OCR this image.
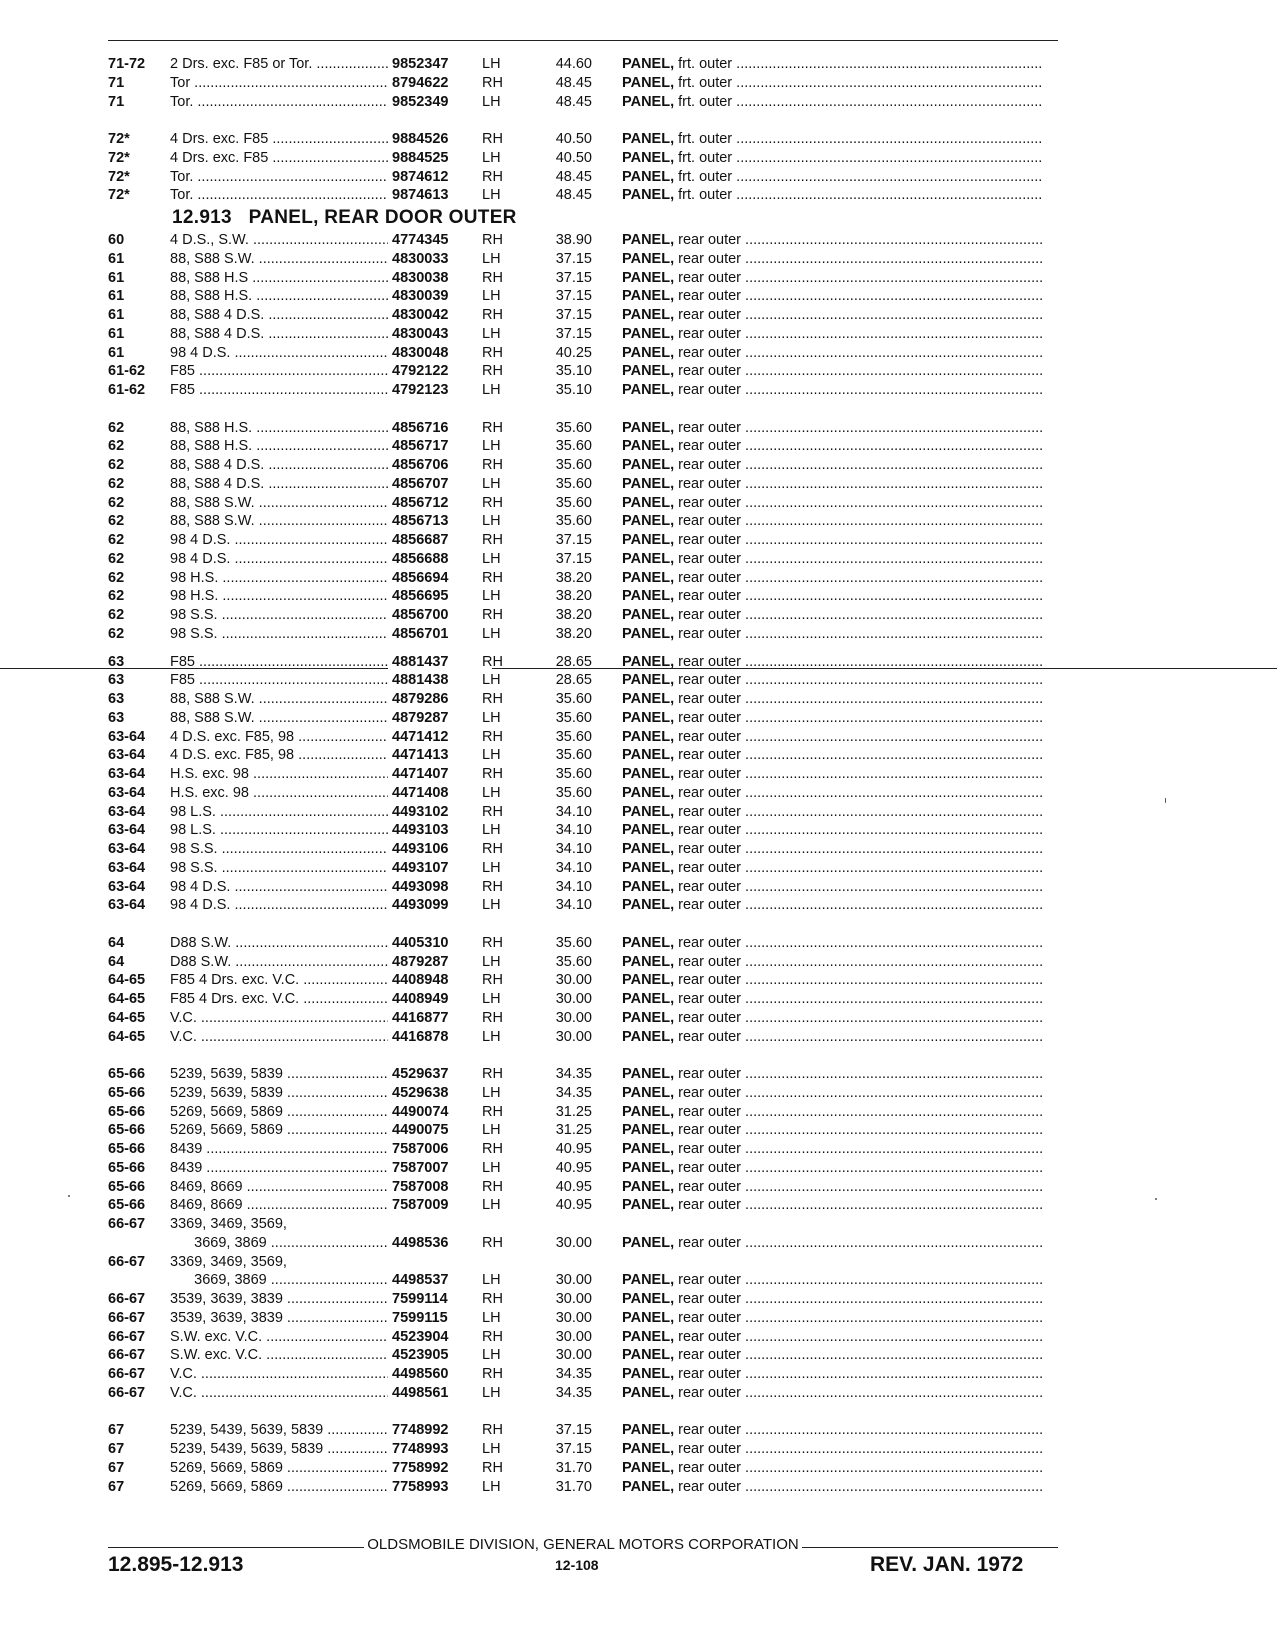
71-72	2 Drs. exc. F85 or Tor. .....	9852347	LH	44.60 PANEL, frt. outer .....
71	Tor .....	8794622	RH	48.45 PANEL, frt. outer .....
71	Tor. .....	9852349	LH	48.45 PANEL, frt. outer .....
72*	4 Drs. exc. F85 .....	9884526	RH	40.50 PANEL, frt. outer .....
72*	4 Drs. exc. F85 .....	9884525	LH	40.50 PANEL, frt. outer .....
72*	Tor. .....	9874612	RH	48.45 PANEL, frt. outer .....
72*	Tor. .....	9874613	LH	48.45 PANEL, frt. outer .....
12.913   PANEL, REAR DOOR OUTER
60	4 D.S., S.W. .....	4774345	RH	38.90 PANEL, rear outer .....
61	88, S88 S.W. .....	4830033	LH	37.15 PANEL, rear outer .....
61	88, S88 H.S .....	4830038	RH	37.15 PANEL, rear outer .....
61	88, S88 H.S. .....	4830039	LH	37.15 PANEL, rear outer .....
61	88, S88 4 D.S. .....	4830042	RH	37.15 PANEL, rear outer .....
61	88, S88 4 D.S. .....	4830043	LH	37.15 PANEL, rear outer .....
61	98 4 D.S. .....	4830048	RH	40.25 PANEL, rear outer .....
61-62	F85 .....	4792122	RH	35.10 PANEL, rear outer .....
61-62	F85 .....	4792123	LH	35.10 PANEL, rear outer .....
62	88, S88 H.S. .....	4856716	RH	35.60 PANEL, rear outer .....
62	88, S88 H.S. .....	4856717	LH	35.60 PANEL, rear outer .....
62	88, S88 4 D.S. .....	4856706	RH	35.60 PANEL, rear outer .....
62	88, S88 4 D.S. .....	4856707	LH	35.60 PANEL, rear outer .....
62	88, S88 S.W. .....	4856712	RH	35.60 PANEL, rear outer .....
62	88, S88 S.W. .....	4856713	LH	35.60 PANEL, rear outer .....
62	98 4 D.S. .....	4856687	RH	37.15 PANEL, rear outer .....
62	98 4 D.S. .....	4856688	LH	37.15 PANEL, rear outer .....
62	98 H.S. .....	4856694	RH	38.20 PANEL, rear outer .....
62	98 H.S. .....	4856695	LH	38.20 PANEL, rear outer .....
62	98 S.S. .....	4856700	RH	38.20 PANEL, rear outer .....
62	98 S.S. .....	4856701	LH	38.20 PANEL, rear outer .....
63	F85 .....	4881437	RH	28.65 PANEL, rear outer .....
63	F85 .....	4881438	LH	28.65 PANEL, rear outer .....
63	88, S88 S.W. .....	4879286	RH	35.60 PANEL, rear outer .....
63	88, S88 S.W. .....	4879287	LH	35.60 PANEL, rear outer .....
63-64	4 D.S. exc. F85, 98 .....	4471412	RH	35.60 PANEL, rear outer .....
63-64	4 D.S. exc. F85, 98 .....	4471413	LH	35.60 PANEL, rear outer .....
63-64	H.S. exc. 98 .....	4471407	RH	35.60 PANEL, rear outer .....
63-64	H.S. exc. 98 .....	4471408	LH	35.60 PANEL, rear outer .....
63-64	98 L.S. .....	4493102	RH	34.10 PANEL, rear outer .....
63-64	98 L.S. .....	4493103	LH	34.10 PANEL, rear outer .....
63-64	98 S.S. .....	4493106	RH	34.10 PANEL, rear outer .....
63-64	98 S.S. .....	4493107	LH	34.10 PANEL, rear outer .....
63-64	98 4 D.S. .....	4493098	RH	34.10 PANEL, rear outer .....
63-64	98 4 D.S. .....	4493099	LH	34.10 PANEL, rear outer .....
64	D88 S.W. .....	4405310	RH	35.60 PANEL, rear outer .....
64	D88 S.W. .....	4879287	LH	35.60 PANEL, rear outer .....
64-65	F85 4 Drs. exc. V.C. .....	4408948	RH	30.00 PANEL, rear outer .....
64-65	F85 4 Drs. exc. V.C. .....	4408949	LH	30.00 PANEL, rear outer .....
64-65	V.C. .....	4416877	RH	30.00 PANEL, rear outer .....
64-65	V.C. .....	4416878	LH	30.00 PANEL, rear outer .....
65-66	5239, 5639, 5839 .....	4529637	RH	34.35 PANEL, rear outer .....
65-66	5239, 5639, 5839 .....	4529638	LH	34.35 PANEL, rear outer .....
65-66	5269, 5669, 5869 .....	4490074	RH	31.25 PANEL, rear outer .....
65-66	5269, 5669, 5869 .....	4490075	LH	31.25 PANEL, rear outer .....
65-66	8439 .....	7587006	RH	40.95 PANEL, rear outer .....
65-66	8439 .....	7587007	LH	40.95 PANEL, rear outer .....
65-66	8469, 8669 .....	7587008	RH	40.95 PANEL, rear outer .....
65-66	8469, 8669 .....	7587009	LH	40.95 PANEL, rear outer .....
66-67	3369, 3469, 3569,
3669, 3869 .....	4498536	RH	30.00 PANEL, rear outer .....
66-67	3369, 3469, 3569,
3669, 3869 .....	4498537	LH	30.00 PANEL, rear outer .....
66-67	3539, 3639, 3839 .....	7599114	RH	30.00 PANEL, rear outer .....
66-67	3539, 3639, 3839 .....	7599115	LH	30.00 PANEL, rear outer .....
66-67	S.W. exc. V.C. .....	4523904	RH	30.00 PANEL, rear outer .....
66-67	S.W. exc. V.C. .....	4523905	LH	30.00 PANEL, rear outer .....
66-67	V.C. .....	4498560	RH	34.35 PANEL, rear outer .....
66-67	V.C. .....	4498561	LH	34.35 PANEL, rear outer .....
67	5239, 5439, 5639, 5839 .....	7748992	RH	37.15 PANEL, rear outer .....
67	5239, 5439, 5639, 5839 .....	7748993	LH	37.15 PANEL, rear outer .....
67	5269, 5669, 5869 .....	7758992	RH	31.70 PANEL, rear outer .....
67	5269, 5669, 5869 .....	7758993	LH	31.70 PANEL, rear outer .....
OLDSMOBILE DIVISION, GENERAL MOTORS CORPORATION
12.895-12.913	12-108	REV. JAN. 1972
